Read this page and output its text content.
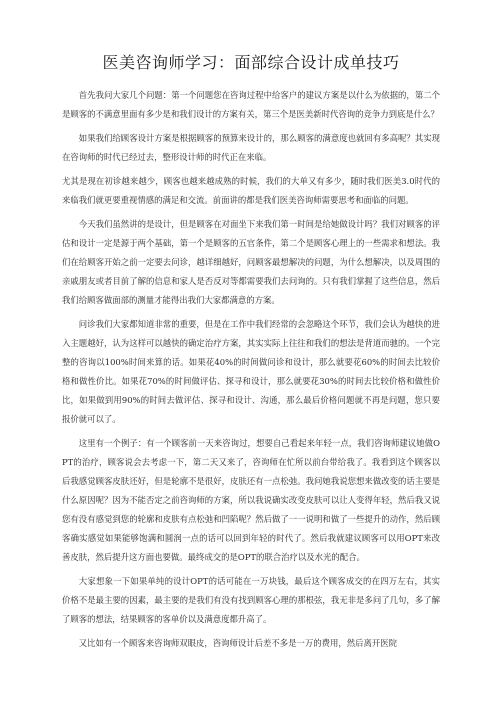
医美咨询师学习：面部综合设计成单技巧

首先我问大家几个问题：第一个问题您在咨询过程中给客户的建议方案是以什么为依据的，第二个是顾客的不满意里面有多少是和我们设计的方案有关，第三个是医美新时代咨询的竞争力到底是什么？

如果我们给顾客设计方案是根据顾客的预算来设计的，那么顾客的满意度也就回有多高呢？其实现在咨询师的时代已经过去，整形设计师的时代正在来临。

尤其是现在初诊越来越少，顾客也越来越成熟的时候，我们的大单又有多少，随时我们医美3.0时代的来临我们就更要重视情感的满足和交流。前面讲的都是我们医美咨询师需要思考和面临的问题。

今天我们虽然讲的是设计，但是顾客在对面坐下来我们第一时间是给她做设计吗？我们对顾客的评估和设计一定是源于两个基础，第一个是顾客的五官条件，第二个是顾客心理上的一些需求和想法。我们在给顾客开始之前一定要去问诊，越详细越好，问顾客最想解决的问题，为什么想解决，以及周围的亲戚朋友或者目前了解的信息和家人是否反对等都需要我们去问询的。只有我们掌握了这些信息，然后我们给顾客做面部的测量才能得出我们大家都满意的方案。

问诊我们大家都知道非常的重要，但是在工作中我们经常的会忽略这个环节，我们会认为越快的进入主题越好，认为这样可以越快的确定治疗方案，其实实际上往往和我们的想法是背道而驰的。一个完整的咨询以100%时间来算的话。如果花40%的时间做问诊和设计，那么就要花60%的时间去比较价格和做性价比。如果花70%的时间做评估、探寻和设计，那么就要花30%的时间去比较价格和做性价比，如果做到用90%的时间去做评估、探寻和设计、沟通，那么最后价格问题就不再是问题，您只要报价就可以了。

这里有一个例子：有一个顾客前一天来咨询过，想要自己看起来年轻一点，我们咨询师建议她做OPT的治疗，顾客说会去考虑一下，第二天又来了，咨询师在忙所以前台带给我了。我看到这个顾客以后我感觉顾客皮肤还好，但是轮廓不是很好，皮肤还有一点松弛。我问她我说您想来做改变的话主要是什么原因呢？因为不能否定之前咨询师的方案，所以我说确实改变皮肤可以让人变得年轻，然后我又说您有没有感觉到您的轮廓和皮肤有点松弛和凹陷呢？然后做了一一说明和做了一些提升的动作，然后顾客确实感觉如果能够饱满和圆润一点的话可以回到年轻的时代了。然后我就建议顾客可以用OPT来改善皮肤，然后提升这方面也要做。最终成交的是OPT的联合治疗以及水光的配合。

大家想象一下如果单纯的设计OPT的话可能在一万块钱，最后这个顾客成交的在四万左右，其实价格不是最主要的因素，最主要的是我们有没有找到顾客心理的那根弦，我无非是多问了几句，多了解了顾客的想法，结果顾客的客单价以及满意度都升高了。

又比如有一个顾客来咨询师双眼皮，咨询师设计后差不多是一万的费用，然后离开医院
